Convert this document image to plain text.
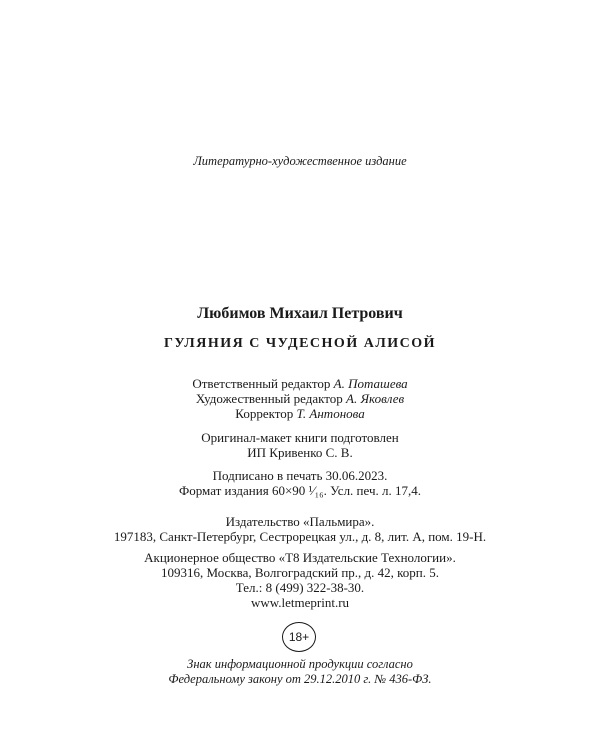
Литературно-художественное издание
Любимов Михаил Петрович
ГУЛЯНИЯ С ЧУДЕСНОЙ АЛИСОЙ
Ответственный редактор А. Поташева
Художественный редактор А. Яковлев
Корректор Т. Антонова
Оригинал-макет книги подготовлен
ИП Кривенко С. В.
Подписано в печать 30.06.2023.
Формат издания 60×90 ¹⁄₁₆. Усл. печ. л. 17,4.
Издательство «Пальмира».
197183, Санкт-Петербург, Сестрорецкая ул., д. 8, лит. А, пом. 19-Н.
Акционерное общество «Т8 Издательские Технологии».
109316, Москва, Волгоградский пр., д. 42, корп. 5.
Тел.: 8 (499) 322-38-30.
www.letmeprint.ru
18+
Знак информационной продукции согласно
Федеральному закону от 29.12.2010 г. № 436-ФЗ.
